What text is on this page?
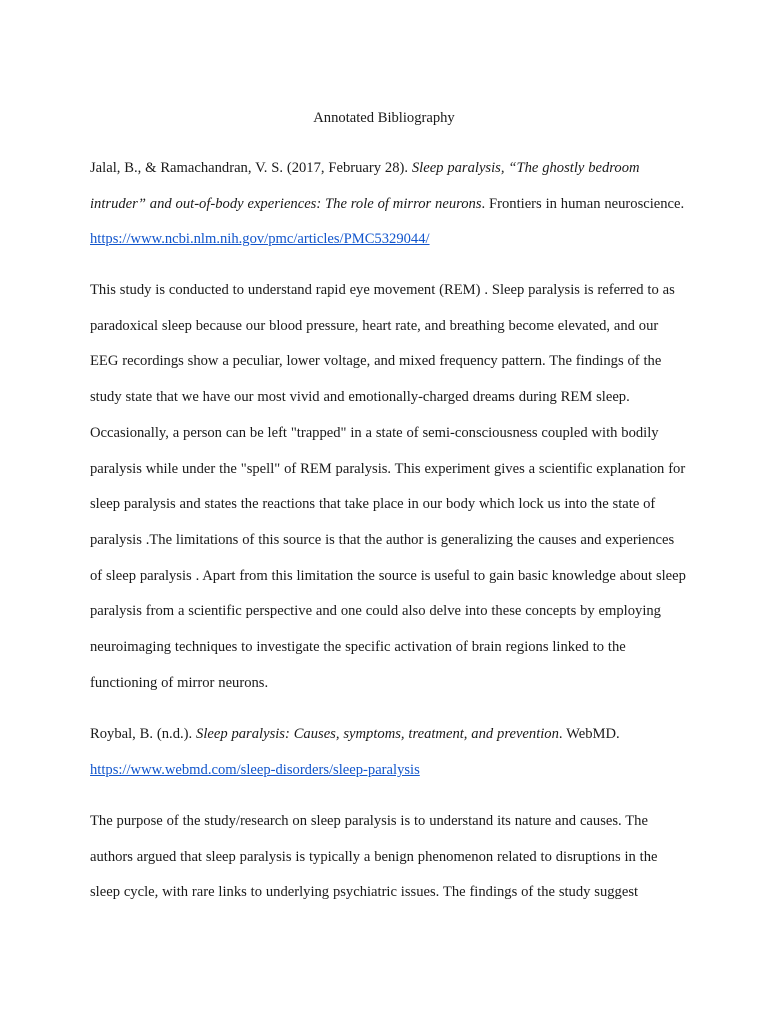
Annotated Bibliography
Jalal, B., & Ramachandran, V. S. (2017, February 28). Sleep paralysis, “The ghostly bedroom intruder” and out-of-body experiences: The role of mirror neurons. Frontiers in human neuroscience. https://www.ncbi.nlm.nih.gov/pmc/articles/PMC5329044/
This study is conducted to understand rapid eye movement (REM) . Sleep paralysis is referred to as paradoxical sleep because our blood pressure, heart rate, and breathing become elevated, and our EEG recordings show a peculiar, lower voltage, and mixed frequency pattern. The findings of the study state that we have our most vivid and emotionally-charged dreams during REM sleep. Occasionally, a person can be left "trapped" in a state of semi-consciousness coupled with bodily paralysis while under the "spell" of REM paralysis. This experiment gives a scientific explanation for sleep paralysis and states the reactions that take place in our body which lock us into the state of paralysis .The limitations of this source is that the author is generalizing the causes and experiences of sleep paralysis . Apart from this limitation the source is useful to gain basic knowledge about sleep paralysis from a scientific perspective and one could also delve into these concepts by employing neuroimaging techniques to investigate the specific activation of brain regions linked to the functioning of mirror neurons.
Roybal, B. (n.d.). Sleep paralysis: Causes, symptoms, treatment, and prevention. WebMD. https://www.webmd.com/sleep-disorders/sleep-paralysis
The purpose of the study/research on sleep paralysis is to understand its nature and causes. The authors argued that sleep paralysis is typically a benign phenomenon related to disruptions in the sleep cycle, with rare links to underlying psychiatric issues. The findings of the study suggest
